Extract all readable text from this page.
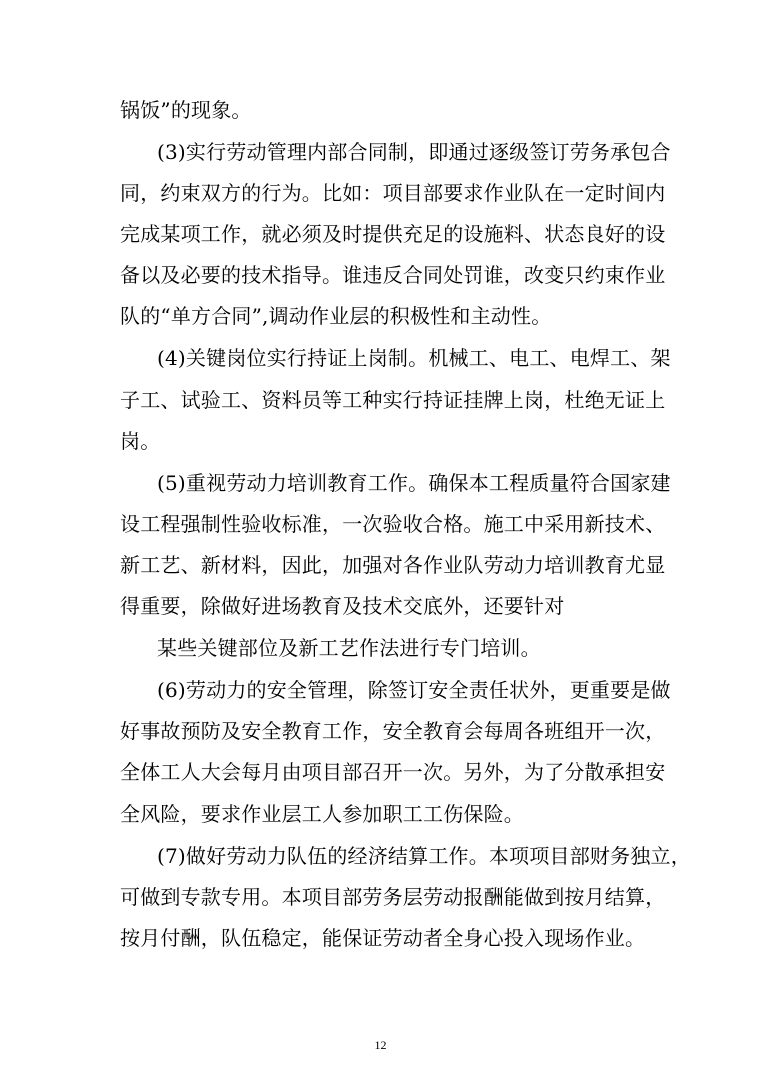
锅饭”的现象。
(3)实行劳动管理内部合同制，即通过逐级签订劳务承包合
同，约束双方的行为。比如：项目部要求作业队在一定时间内
完成某项工作，就必须及时提供充足的设施料、状态良好的设
备以及必要的技术指导。谁违反合同处罚谁，改变只约束作业
队的“单方合同”,调动作业层的积极性和主动性。
(4)关键岗位实行持证上岗制。机械工、电工、电焊工、架
子工、试验工、资料员等工种实行持证挂牌上岗，杜绝无证上
岗。
(5)重视劳动力培训教育工作。确保本工程质量符合国家建
设工程强制性验收标准，一次验收合格。施工中采用新技术、
新工艺、新材料，因此，加强对各作业队劳动力培训教育尤显
得重要，除做好进场教育及技术交底外，还要针对
某些关键部位及新工艺作法进行专门培训。
(6)劳动力的安全管理，除签订安全责任状外，更重要是做
好事故预防及安全教育工作，安全教育会每周各班组开一次，
全体工人大会每月由项目部召开一次。另外，为了分散承担安
全风险，要求作业层工人参加职工工伤保险。
(7)做好劳动力队伍的经济结算工作。本项项目部财务独立，
可做到专款专用。本项目部劳务层劳动报酬能做到按月结算，
按月付酬，队伍稳定，能保证劳动者全身心投入现场作业。
12
